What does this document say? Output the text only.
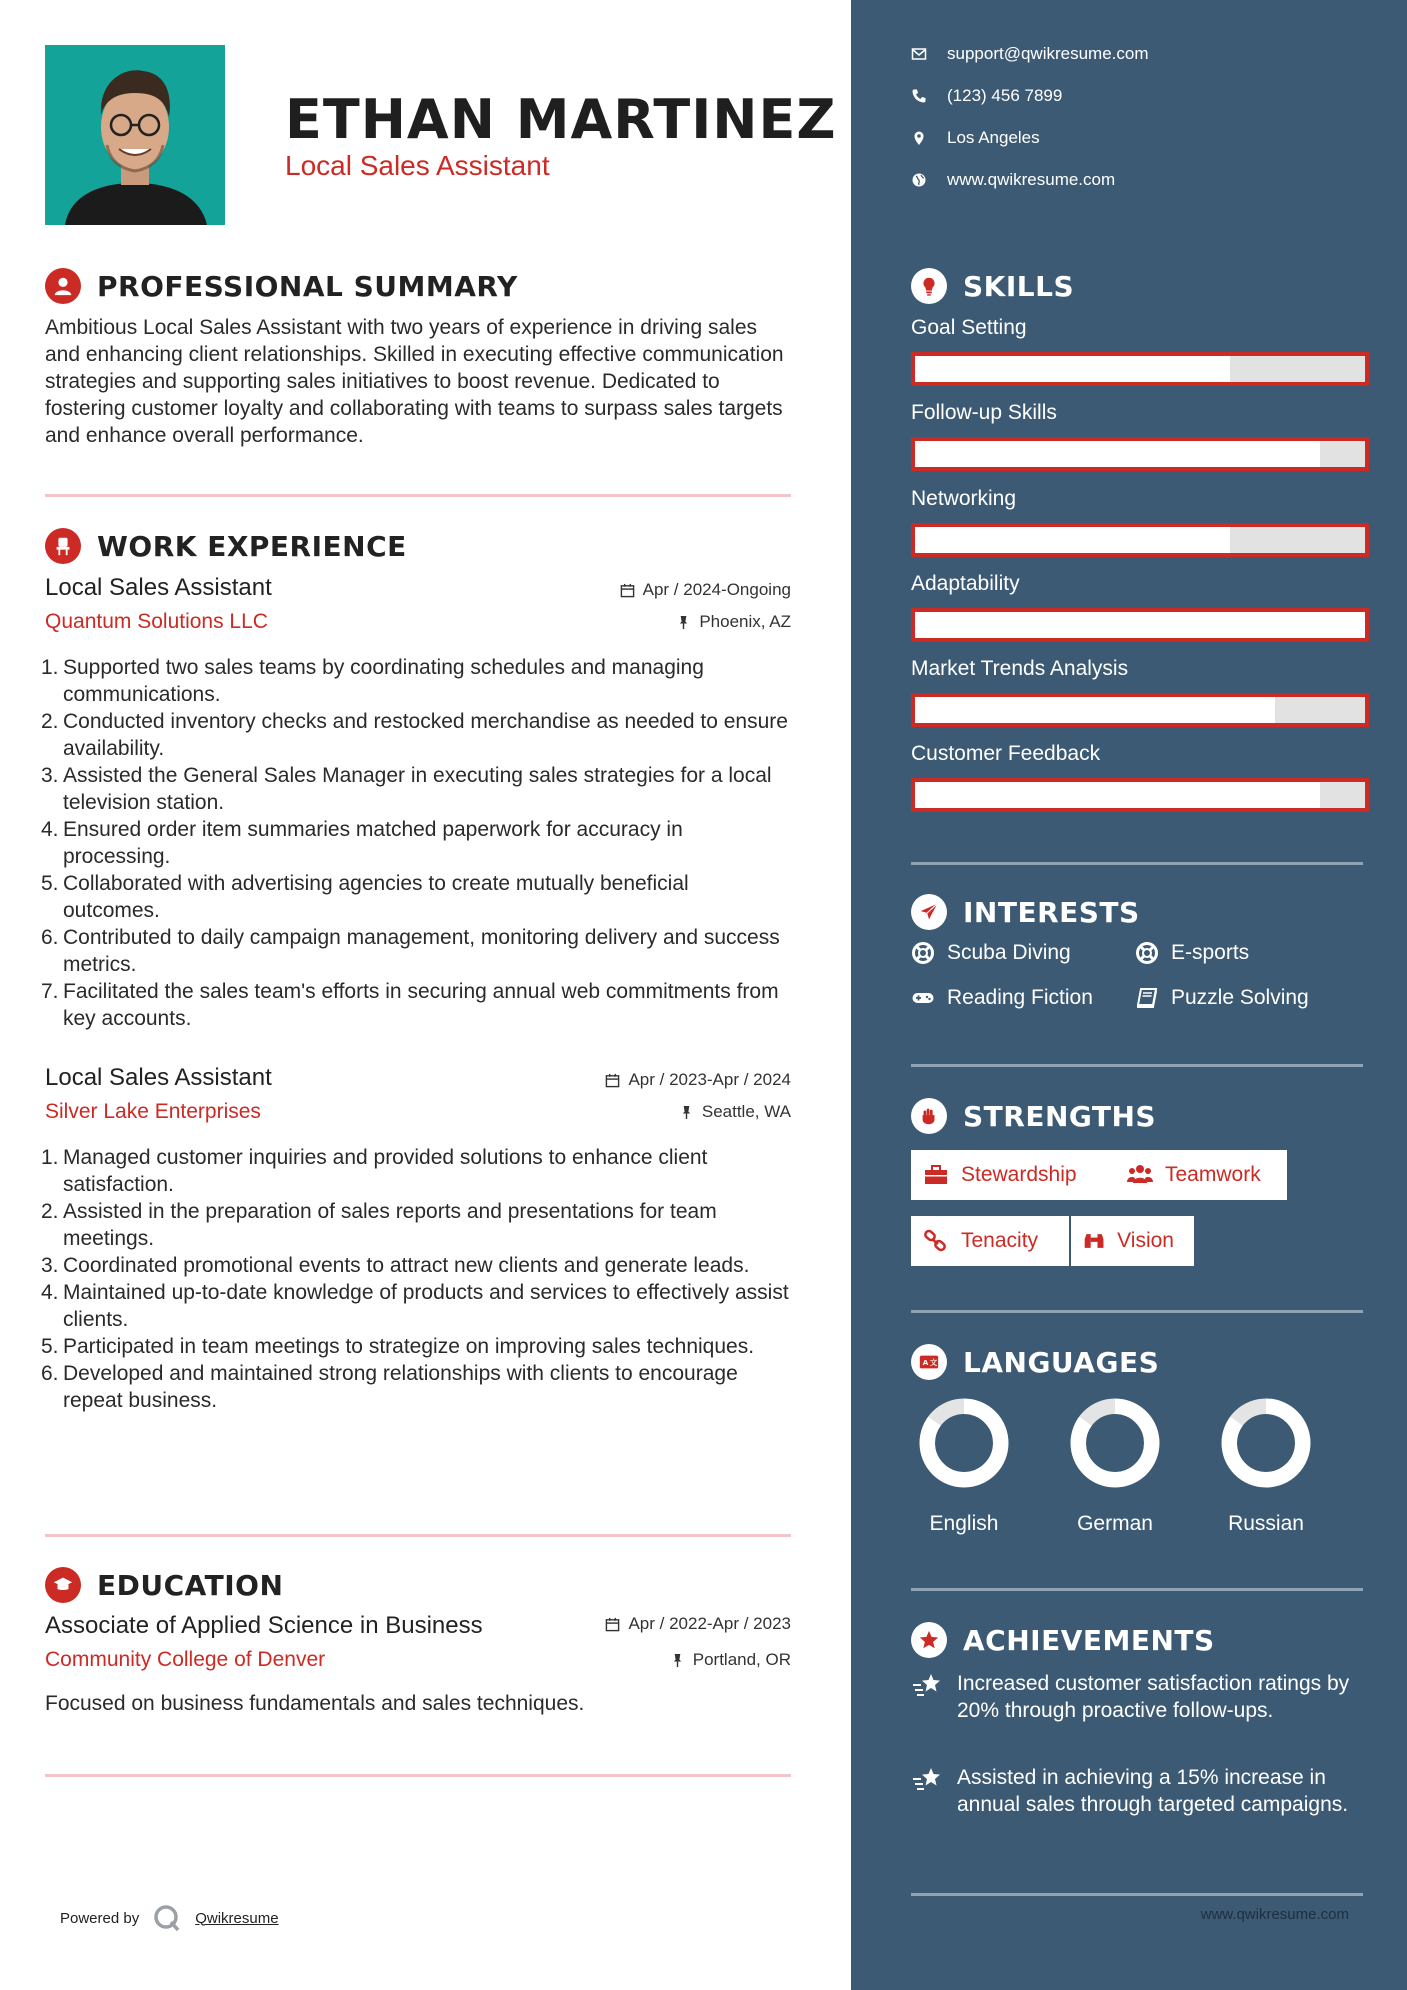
ETHAN MARTINEZ
Local Sales Assistant
PROFESSIONAL SUMMARY
Ambitious Local Sales Assistant with two years of experience in driving sales and enhancing client relationships. Skilled in executing effective communication strategies and supporting sales initiatives to boost revenue. Dedicated to fostering customer loyalty and collaborating with teams to surpass sales targets and enhance overall performance.
WORK EXPERIENCE
Local Sales Assistant	Apr / 2024-Ongoing
Quantum Solutions LLC	Phoenix, AZ
1. Supported two sales teams by coordinating schedules and managing communications.
2. Conducted inventory checks and restocked merchandise as needed to ensure availability.
3. Assisted the General Sales Manager in executing sales strategies for a local television station.
4. Ensured order item summaries matched paperwork for accuracy in processing.
5. Collaborated with advertising agencies to create mutually beneficial outcomes.
6. Contributed to daily campaign management, monitoring delivery and success metrics.
7. Facilitated the sales team's efforts in securing annual web commitments from key accounts.
Local Sales Assistant	Apr / 2023-Apr / 2024
Silver Lake Enterprises	Seattle, WA
1. Managed customer inquiries and provided solutions to enhance client satisfaction.
2. Assisted in the preparation of sales reports and presentations for team meetings.
3. Coordinated promotional events to attract new clients and generate leads.
4. Maintained up-to-date knowledge of products and services to effectively assist clients.
5. Participated in team meetings to strategize on improving sales techniques.
6. Developed and maintained strong relationships with clients to encourage repeat business.
EDUCATION
Associate of Applied Science in Business	Apr / 2022-Apr / 2023
Community College of Denver	Portland, OR
Focused on business fundamentals and sales techniques.
Powered by	Qwikresume
support@qwikresume.com
(123) 456 7899
Los Angeles
www.qwikresume.com
SKILLS
Goal Setting
Follow-up Skills
Networking
Adaptability
Market Trends Analysis
Customer Feedback
INTERESTS
Scuba Diving	E-sports
Reading Fiction	Puzzle Solving
STRENGTHS
Stewardship	Teamwork
Tenacity	Vision
A 文 LANGUAGES
English	German	Russian
ACHIEVEMENTS
Increased customer satisfaction ratings by 20% through proactive follow-ups.
Assisted in achieving a 15% increase in annual sales through targeted campaigns.
www.qwikresume.com
